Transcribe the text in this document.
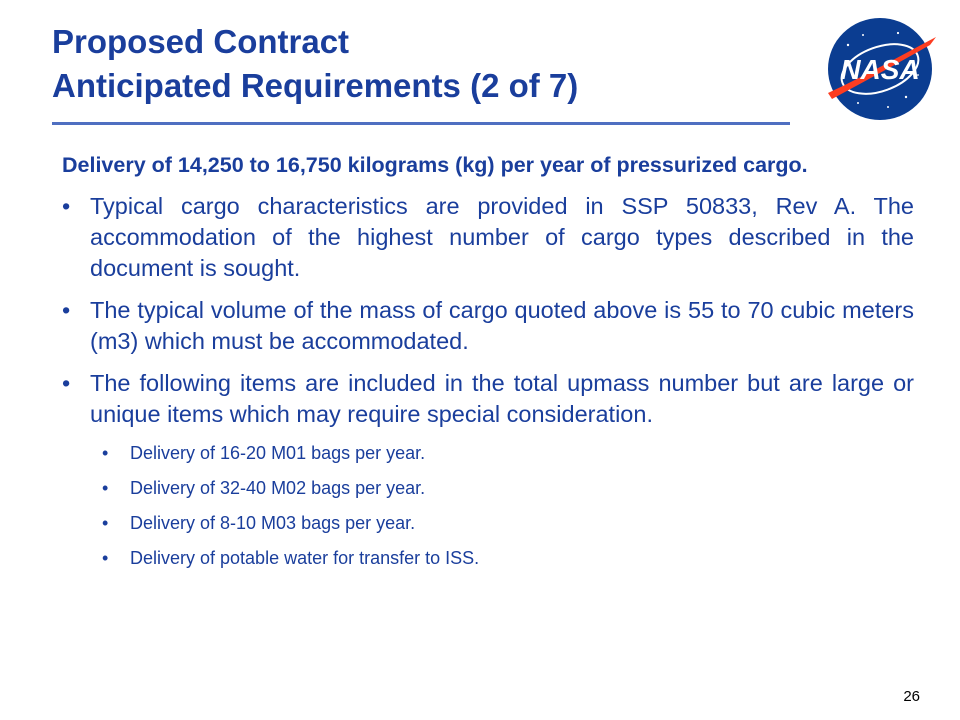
Proposed Contract
Anticipated Requirements (2 of 7)	NASA
Delivery of 14,250 to 16,750 kilograms (kg) per year of pressurized cargo.
• Typical cargo characteristics are provided in SSP 50833, Rev A. The accommodation of the highest number of cargo types described in the document is sought.
• The typical volume of the mass of cargo quoted above is 55 to 70 cubic meters (m3) which must be accommodated.
• The following items are included in the total upmass number but are large or unique items which may require special consideration.
• Delivery of 16-20 M01 bags per year.
• Delivery of 32-40 M02 bags per year.
• Delivery of 8-10 M03 bags per year.
• Delivery of potable water for transfer to ISS.
26
